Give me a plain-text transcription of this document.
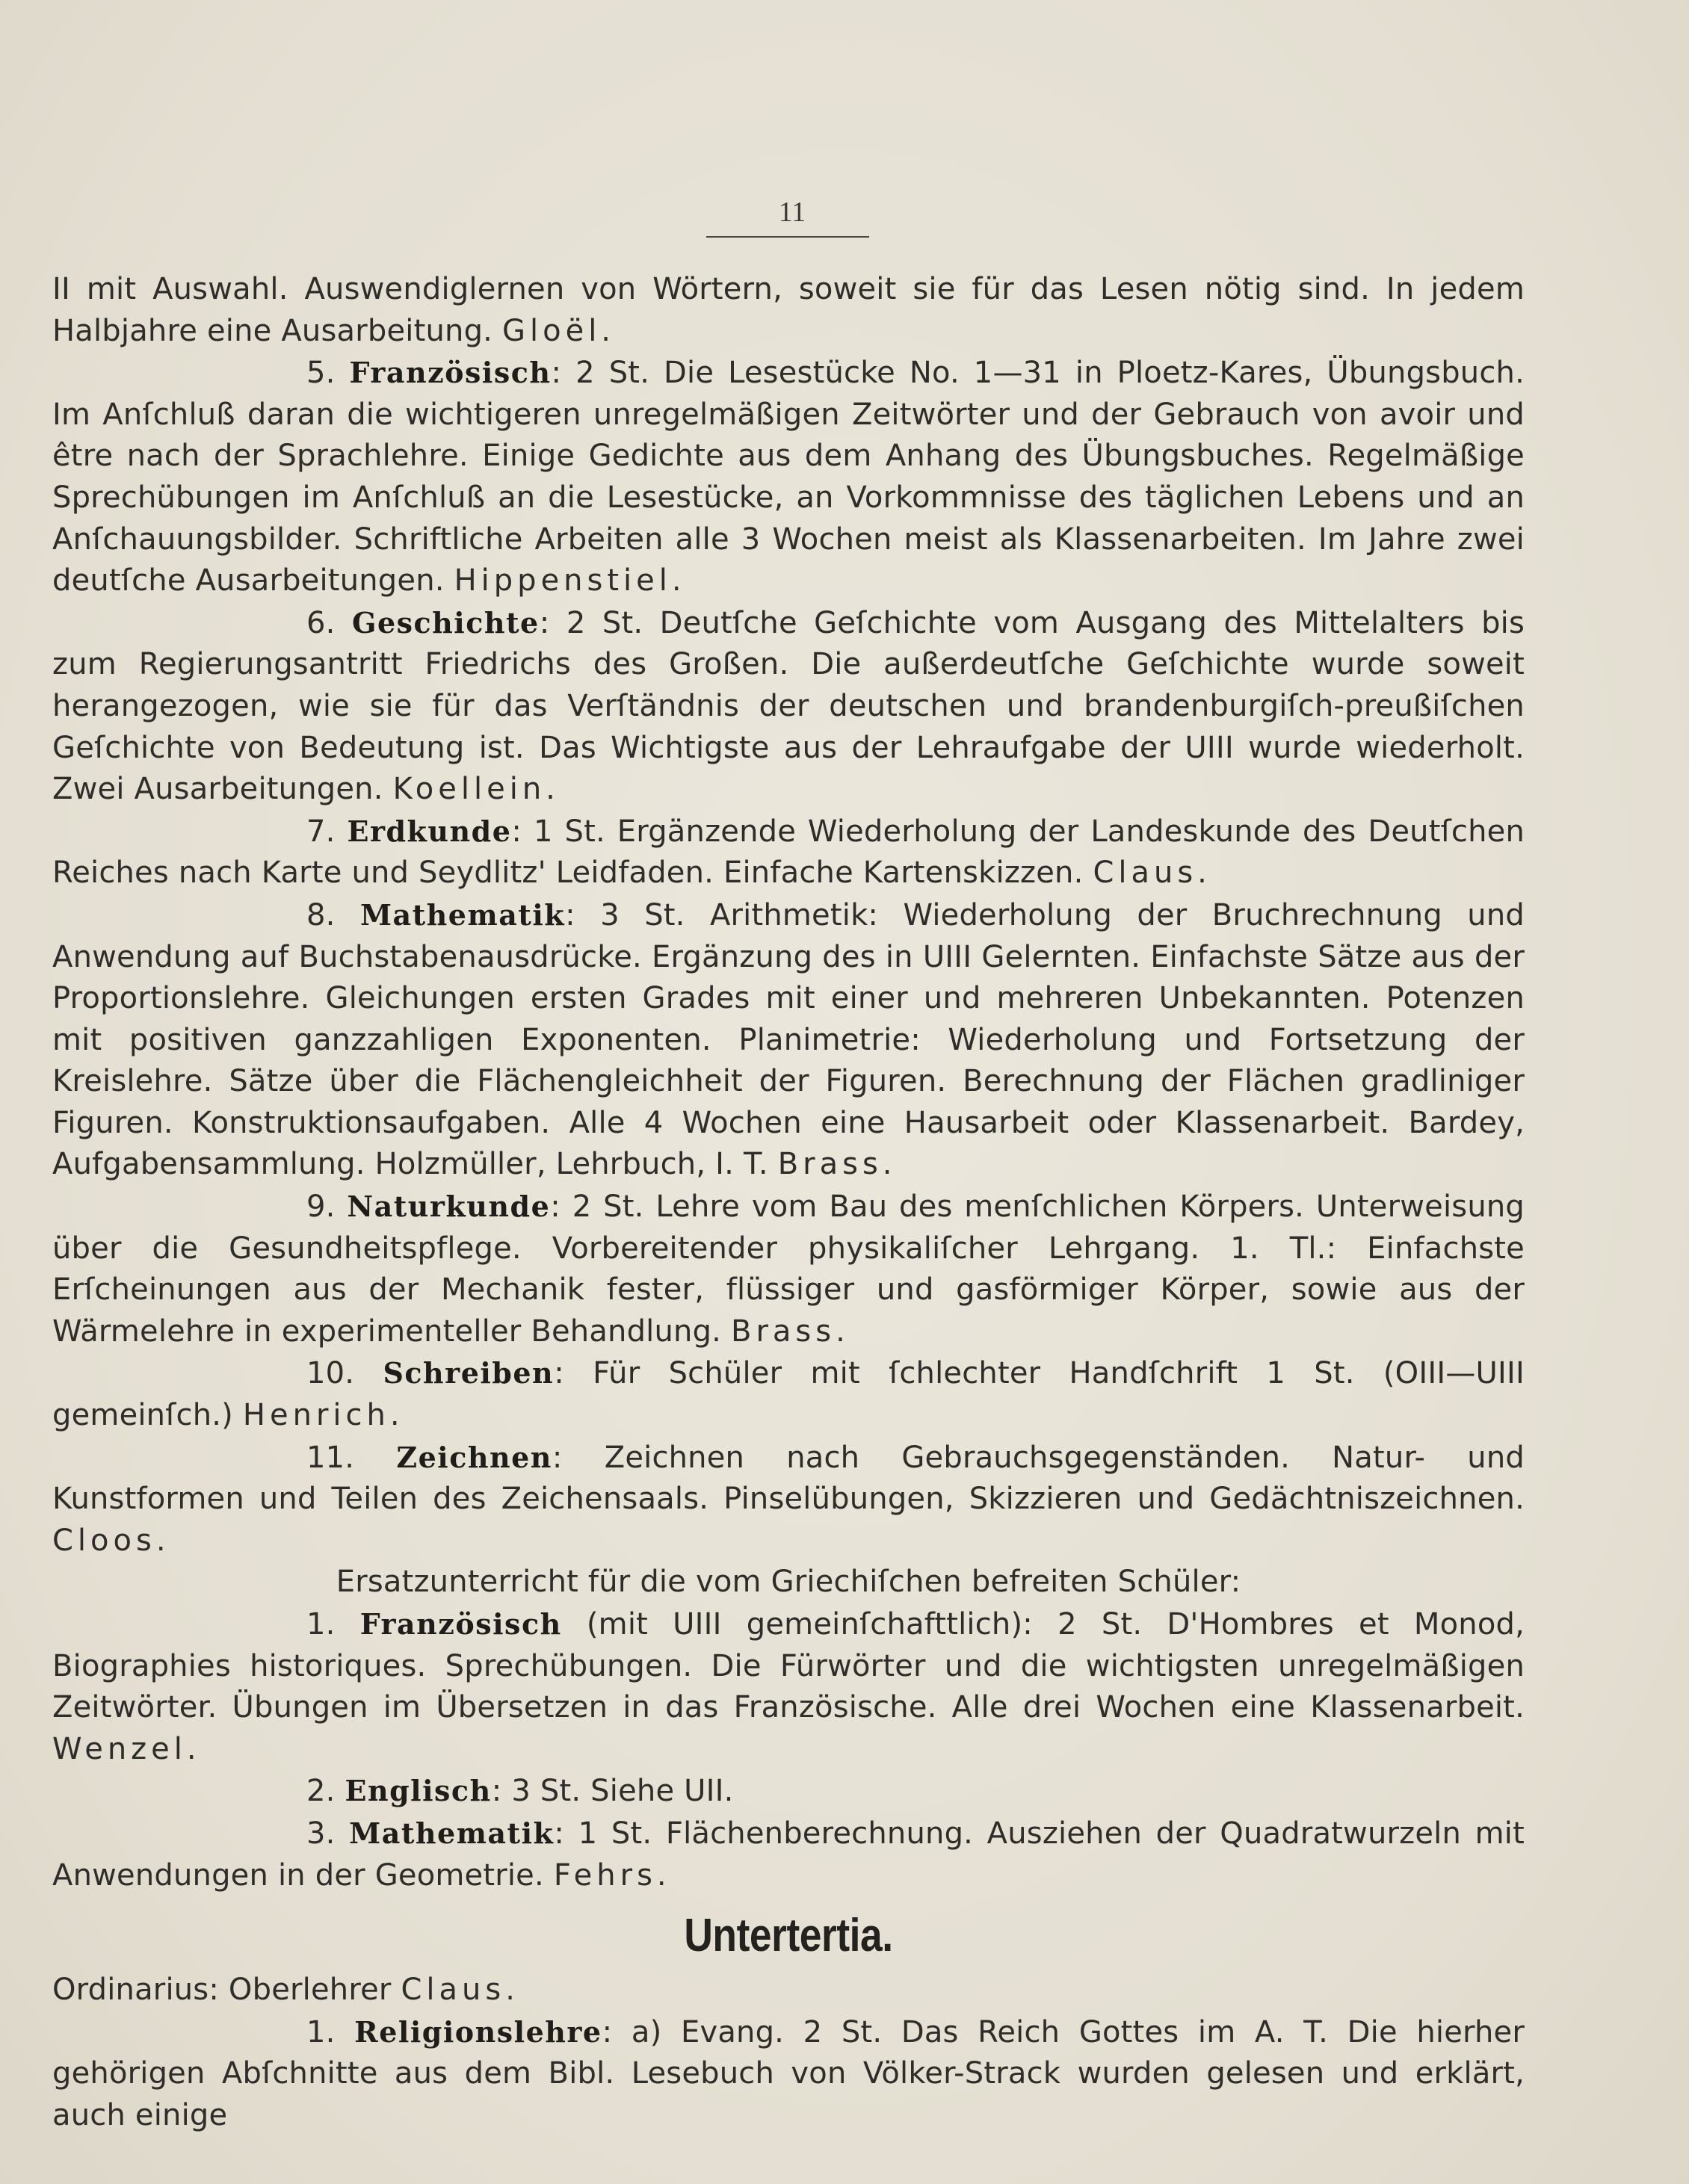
11

II mit Auswahl. Auswendiglernen von Wörtern, soweit sie für das Lesen nötig sind. In jedem Halbjahre eine Ausarbeitung. Gloël.

5. Französisch: 2 St. Die Lesestücke No. 1—31 in Ploetz-Kares, Übungsbuch. Im Anſchluß daran die wichtigeren unregelmäßigen Zeitwörter und der Gebrauch von avoir und être nach der Sprachlehre. Einige Gedichte aus dem Anhang des Übungsbuches. Regelmäßige Sprechübungen im Anſchluß an die Lesestücke, an Vorkommnisse des täglichen Lebens und an Anſchauungsbilder. Schriftliche Arbeiten alle 3 Wochen meist als Klassenarbeiten. Im Jahre zwei deutſche Ausarbeitungen. Hippenstiel.

6. Geschichte: 2 St. Deutſche Geſchichte vom Ausgang des Mittelalters bis zum Regierungsantritt Friedrichs des Großen. Die außerdeutſche Geſchichte wurde soweit herangezogen, wie sie für das Verſtändnis der deutschen und brandenburgiſch-preußiſchen Geſchichte von Bedeutung ist. Das Wichtigste aus der Lehraufgabe der UIII wurde wiederholt. Zwei Ausarbeitungen. Koellein.

7. Erdkunde: 1 St. Ergänzende Wiederholung der Landeskunde des Deutſchen Reiches nach Karte und Seydlitz' Leidfaden. Einfache Kartenskizzen. Claus.

8. Mathematik: 3 St. Arithmetik: Wiederholung der Bruchrechnung und Anwendung auf Buchstabenausdrücke. Ergänzung des in UIII Gelernten. Einfachste Sätze aus der Proportionslehre. Gleichungen ersten Grades mit einer und mehreren Unbekannten. Potenzen mit positiven ganzzahligen Exponenten. Planimetrie: Wiederholung und Fortsetzung der Kreislehre. Sätze über die Flächengleichheit der Figuren. Berechnung der Flächen gradliniger Figuren. Konstruktionsaufgaben. Alle 4 Wochen eine Hausarbeit oder Klassenarbeit. Bardey, Aufgabensammlung. Holzmüller, Lehrbuch, I. T. Brass.

9. Naturkunde: 2 St. Lehre vom Bau des menſchlichen Körpers. Unterweisung über die Gesundheitspflege. Vorbereitender physikaliſcher Lehrgang. 1. Tl.: Einfachste Erſcheinungen aus der Mechanik fester, flüssiger und gasförmiger Körper, sowie aus der Wärmelehre in experimenteller Behandlung. Brass.

10. Schreiben: Für Schüler mit ſchlechter Handſchrift 1 St. (OIII—UIII gemeinſch.) Henrich.

11. Zeichnen: Zeichnen nach Gebrauchsgegenständen. Natur- und Kunstformen und Teilen des Zeichensaals. Pinselübungen, Skizzieren und Gedächtniszeichnen. Cloos.

Ersatzunterricht für die vom Griechiſchen befreiten Schüler:

1. Französisch (mit UIII gemeinſchafttlich): 2 St. D'Hombres et Monod, Biographies historiques. Sprechübungen. Die Fürwörter und die wichtigsten unregelmäßigen Zeitwörter. Übungen im Übersetzen in das Französische. Alle drei Wochen eine Klassenarbeit. Wenzel.

2. Englisch: 3 St. Siehe UII.

3. Mathematik: 1 St. Flächenberechnung. Ausziehen der Quadratwurzeln mit Anwendungen in der Geometrie. Fehrs.

Untertertia.

Ordinarius: Oberlehrer Claus.

1. Religionslehre: a) Evang. 2 St. Das Reich Gottes im A. T. Die hierher gehörigen Abſchnitte aus dem Bibl. Lesebuch von Völker-Strack wurden gelesen und erklärt, auch einige
